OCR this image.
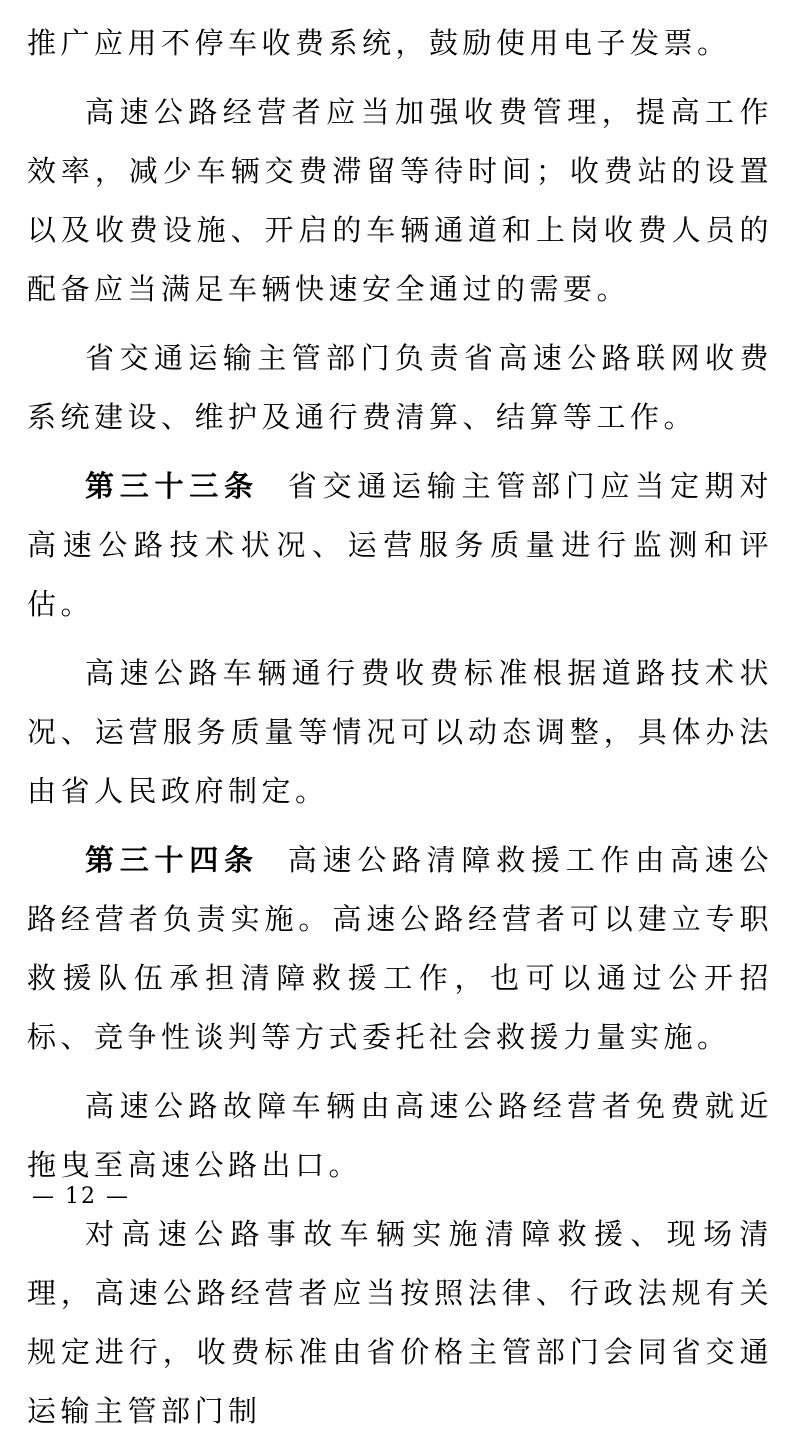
推广应用不停车收费系统，鼓励使用电子发票。

高速公路经营者应当加强收费管理，提高工作效率，减少车辆交费滞留等待时间；收费站的设置以及收费设施、开启的车辆通道和上岗收费人员的配备应当满足车辆快速安全通过的需要。

省交通运输主管部门负责省高速公路联网收费系统建设、维护及通行费清算、结算等工作。

第三十三条 省交通运输主管部门应当定期对高速公路技术状况、运营服务质量进行监测和评估。

高速公路车辆通行费收费标准根据道路技术状况、运营服务质量等情况可以动态调整，具体办法由省人民政府制定。

第三十四条 高速公路清障救援工作由高速公路经营者负责实施。高速公路经营者可以建立专职救援队伍承担清障救援工作，也可以通过公开招标、竞争性谈判等方式委托社会救援力量实施。

高速公路故障车辆由高速公路经营者免费就近拖曳至高速公路出口。

对高速公路事故车辆实施清障救援、现场清理，高速公路经营者应当按照法律、行政法规有关规定进行，收费标准由省价格主管部门会同省交通运输主管部门制

— 12 —
